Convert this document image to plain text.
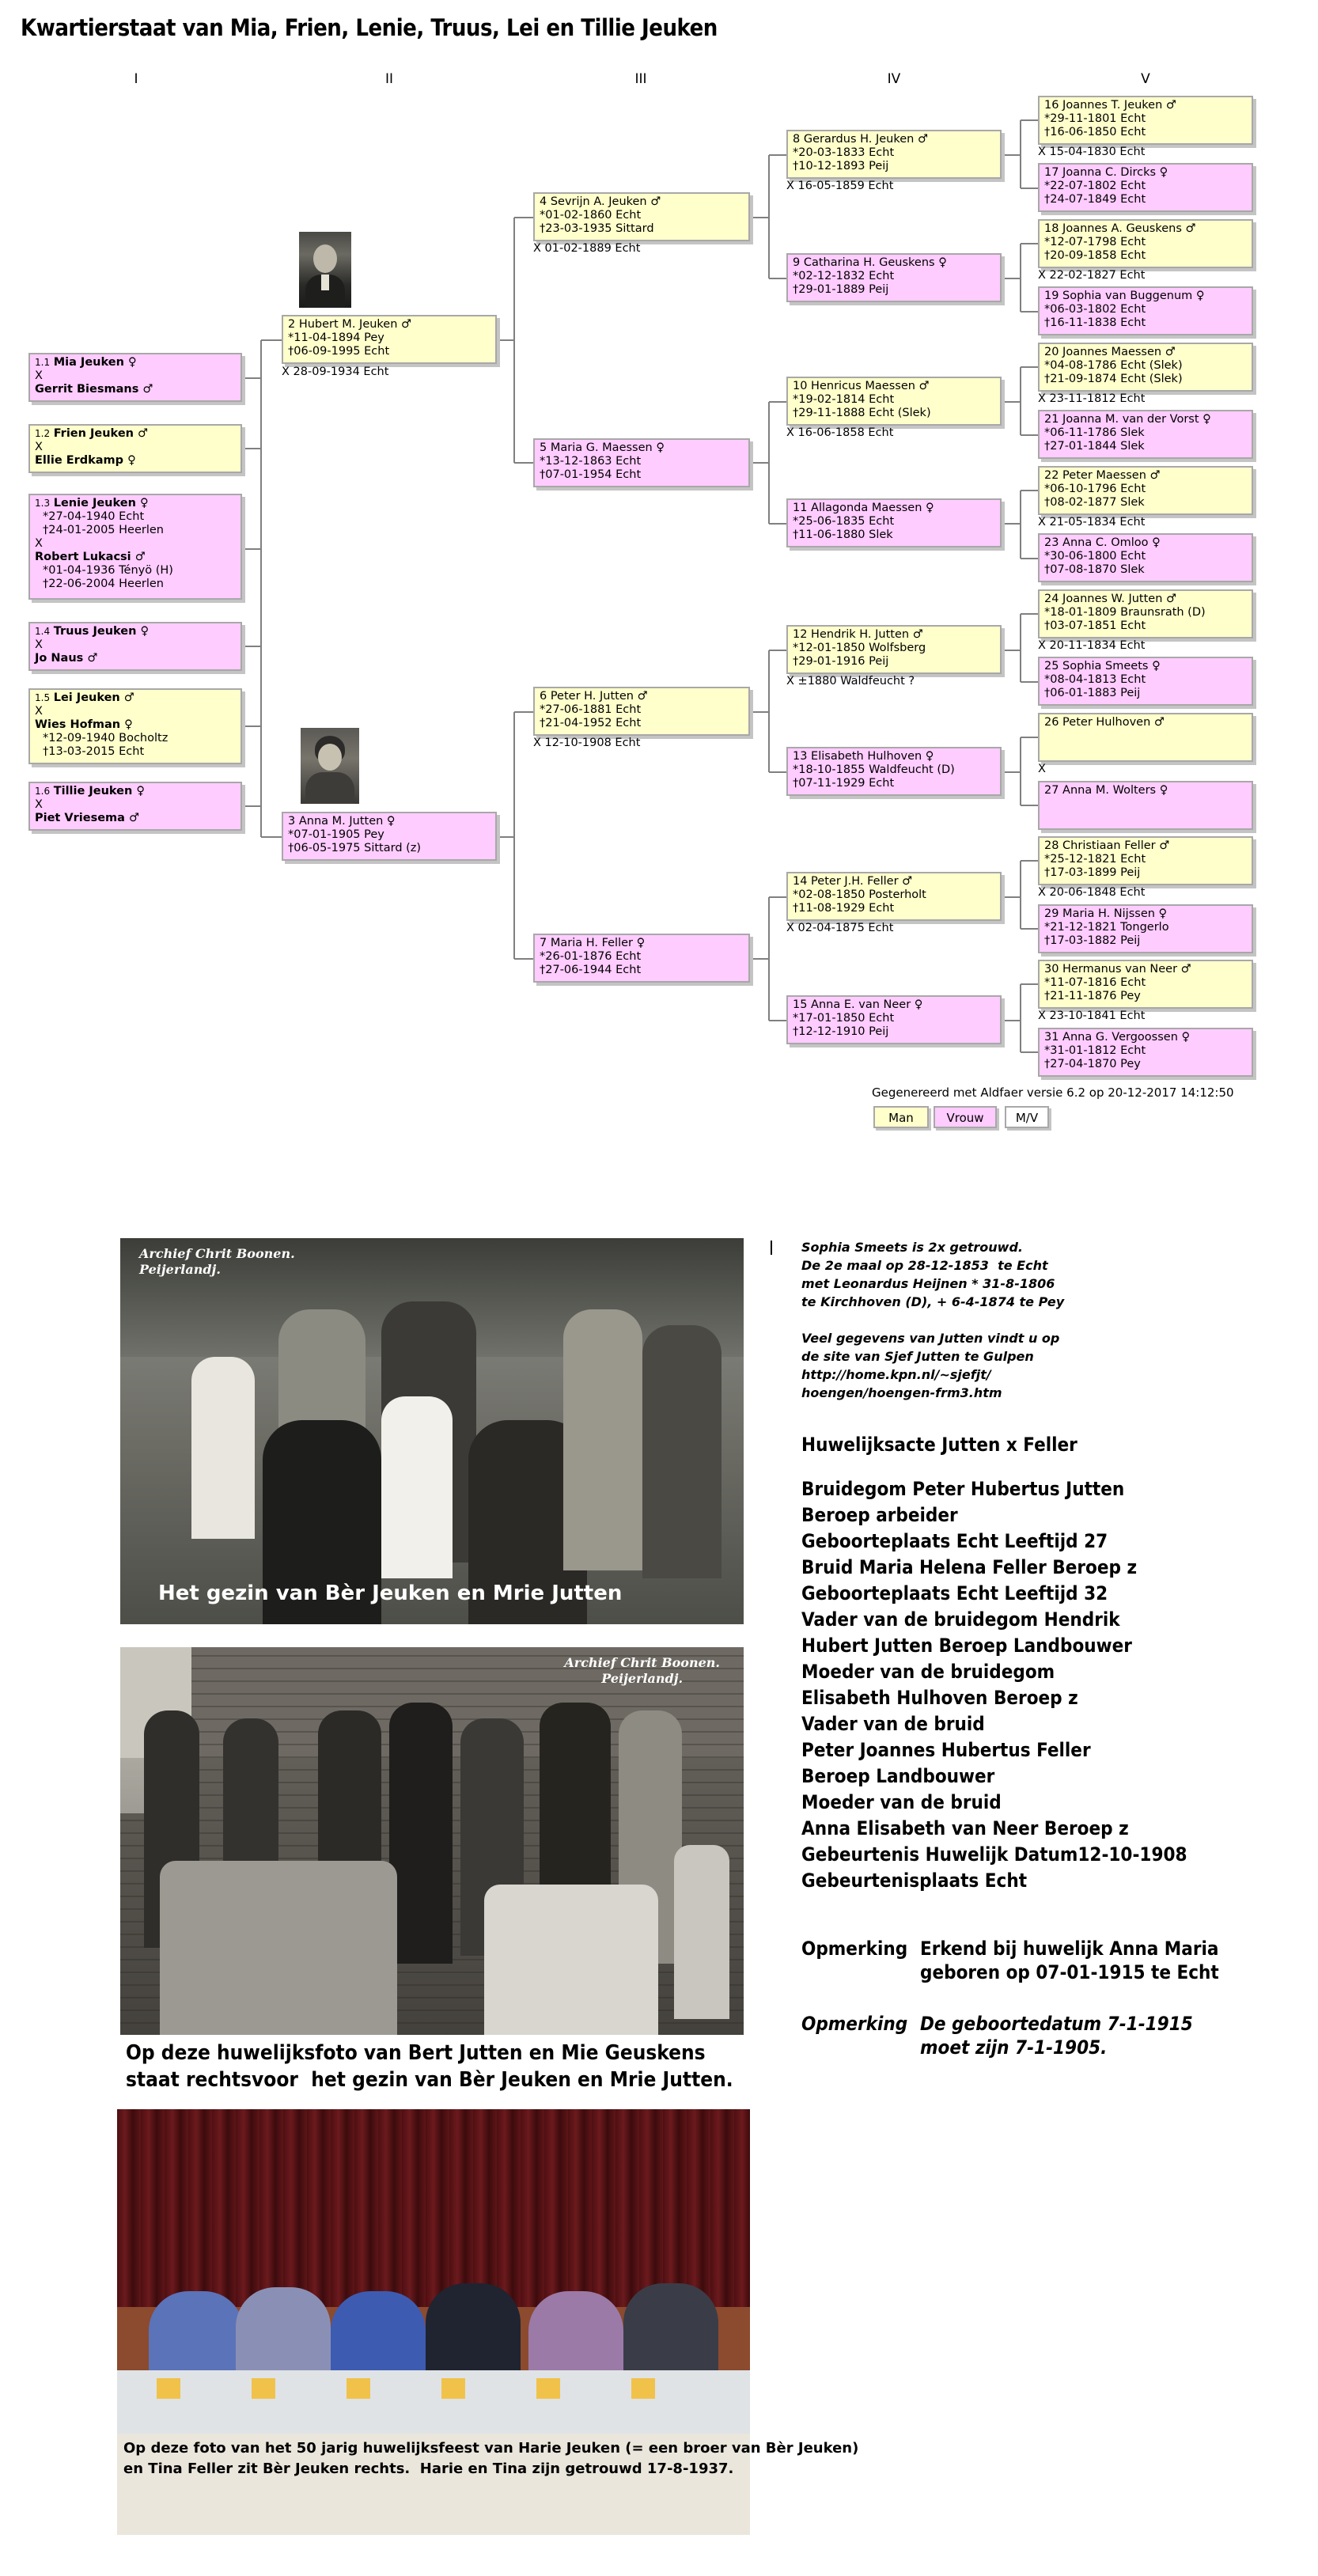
Kwartierstaat van Mia, Frien, Lenie, Truus, Lei en Tillie Jeuken
I	II	III	IV	V
1.1 Mia Jeuken ♀
X
Gerrit Biesmans ♂
1.2 Frien Jeuken ♂
X
Ellie Erdkamp ♀
1.3 Lenie Jeuken ♀
*27-04-1940 Echt
†24-01-2005 Heerlen
X
Robert Lukacsi ♂
*01-04-1936 Tényö (H)
†22-06-2004 Heerlen
1.4 Truus Jeuken ♀
X
Jo Naus ♂
1.5 Lei Jeuken ♂
X
Wies Hofman ♀
*12-09-1940 Bocholtz
†13-03-2015 Echt
1.6 Tillie Jeuken ♀
X
Piet Vriesema ♂
2 Hubert M. Jeuken ♂
*11-04-1894 Pey
†06-09-1995 Echt
X 28-09-1934 Echt
3 Anna M. Jutten ♀
*07-01-1905 Pey
†06-05-1975 Sittard (z)
4 Sevrijn A. Jeuken ♂
*01-02-1860 Echt
†23-03-1935 Sittard
X 01-02-1889 Echt
5 Maria G. Maessen ♀
*13-12-1863 Echt
†07-01-1954 Echt
6 Peter H. Jutten ♂
*27-06-1881 Echt
†21-04-1952 Echt
X 12-10-1908 Echt
7 Maria H. Feller ♀
*26-01-1876 Echt
†27-06-1944 Echt
8 Gerardus H. Jeuken ♂
*20-03-1833 Echt
†10-12-1893 Peij
X 16-05-1859 Echt
9 Catharina H. Geuskens ♀
*02-12-1832 Echt
†29-01-1889 Peij
10 Henricus Maessen ♂
*19-02-1814 Echt
†29-11-1888 Echt (Slek)
X 16-06-1858 Echt
11 Allagonda Maessen ♀
*25-06-1835 Echt
†11-06-1880 Slek
12 Hendrik H. Jutten ♂
*12-01-1850 Wolfsberg
†29-01-1916 Peij
X ±1880 Waldfeucht ?
13 Elisabeth Hulhoven ♀
*18-10-1855 Waldfeucht (D)
†07-11-1929 Echt
14 Peter J.H. Feller ♂
*02-08-1850 Posterholt
†11-08-1929 Echt
X 02-04-1875 Echt
15 Anna E. van Neer ♀
*17-01-1850 Echt
†12-12-1910 Peij
16 Joannes T. Jeuken ♂
*29-11-1801 Echt
†16-06-1850 Echt
X 15-04-1830 Echt
17 Joanna C. Dircks ♀
*22-07-1802 Echt
†24-07-1849 Echt
18 Joannes A. Geuskens ♂
*12-07-1798 Echt
†20-09-1858 Echt
X 22-02-1827 Echt
19 Sophia van Buggenum ♀
*06-03-1802 Echt
†16-11-1838 Echt
20 Joannes Maessen ♂
*04-08-1786 Echt (Slek)
†21-09-1874 Echt (Slek)
X 23-11-1812 Echt
21 Joanna M. van der Vorst ♀
*06-11-1786 Slek
†27-01-1844 Slek
22 Peter Maessen ♂
*06-10-1796 Echt
†08-02-1877 Slek
X 21-05-1834 Echt
23 Anna C. Omloo ♀
*30-06-1800 Echt
†07-08-1870 Slek
24 Joannes W. Jutten ♂
*18-01-1809 Braunsrath (D)
†03-07-1851 Echt
X 20-11-1834 Echt
25 Sophia Smeets ♀
*08-04-1813 Echt
†06-01-1883 Peij
26 Peter Hulhoven ♂
X
27 Anna M. Wolters ♀
28 Christiaan Feller ♂
*25-12-1821 Echt
†17-03-1899 Peij
X 20-06-1848 Echt
29 Maria H. Nijssen ♀
*21-12-1821 Tongerlo
†17-03-1882 Peij
30 Hermanus van Neer ♂
*11-07-1816 Echt
†21-11-1876 Pey
X 23-10-1841 Echt
31 Anna G. Vergoossen ♀
*31-01-1812 Echt
†27-04-1870 Pey
Gegenereerd met Aldfaer versie 6.2 op 20-12-2017 14:12:50
Man	Vrouw	M/V
Archief Chrit Boonen.
Peijerlandj.
Het gezin van Bèr Jeuken en Mrie Jutten
Sophia Smeets is 2x getrouwd.
De 2e maal op 28-12-1853  te Echt
met Leonardus Heijnen * 31-8-1806
te Kirchhoven (D), + 6-4-1874 te Pey

Veel gegevens van Jutten vindt u op
de site van Sjef Jutten te Gulpen
http://home.kpn.nl/~sjefjt/
hoengen/hoengen-frm3.htm
Huwelijksacte Jutten x Feller
Bruidegom Peter Hubertus Jutten
Beroep arbeider
Geboorteplaats Echt Leeftijd 27
Bruid Maria Helena Feller Beroep z
Geboorteplaats Echt Leeftijd 32
Vader van de bruidegom Hendrik
Hubert Jutten Beroep Landbouwer
Moeder van de bruidegom
Elisabeth Hulhoven Beroep z
Vader van de bruid
Peter Joannes Hubertus Feller
Beroep Landbouwer
Moeder van de bruid
Anna Elisabeth van Neer Beroep z
Gebeurtenis Huwelijk Datum12-10-1908
Gebeurtenisplaats Echt
Opmerking Erkend bij huwelijk Anna Maria
geboren op 07-01-1915 te Echt
Opmerking De geboortedatum 7-1-1915
moet zijn 7-1-1905.
Archief Chrit Boonen.
Peijerlandj.
Op deze huwelijksfoto van Bert Jutten en Mie Geuskens
staat rechtsvoor  het gezin van Bèr Jeuken en Mrie Jutten.
Op deze foto van het 50 jarig huwelijksfeest van Harie Jeuken (= een broer van Bèr Jeuken)
en Tina Feller zit Bèr Jeuken rechts.  Harie en Tina zijn getrouwd 17-8-1937.
